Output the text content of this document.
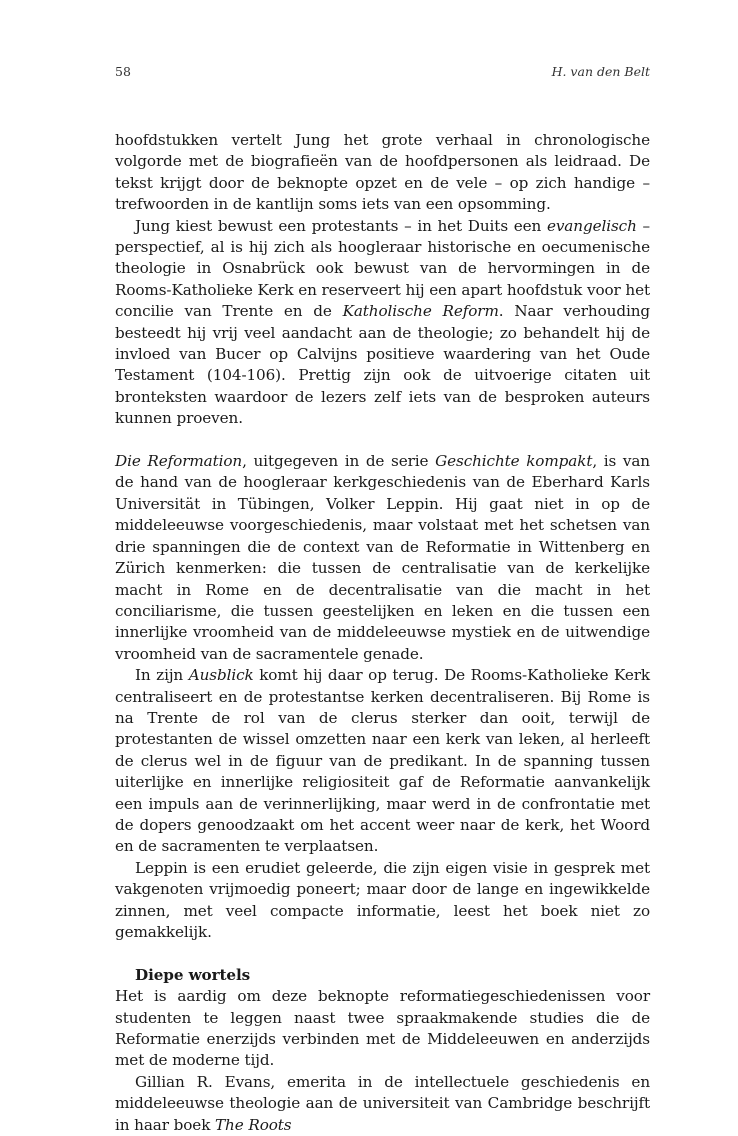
58	H. van den Belt

hoofdstukken vertelt Jung het grote verhaal in chronologische volgorde met de biografieën van de hoofdpersonen als leidraad. De tekst krijgt door de beknopte opzet en de vele – op zich handige – trefwoorden in de kantlijn soms iets van een opsomming.

Jung kiest bewust een protestants – in het Duits een evangelisch – perspectief, al is hij zich als hoogleraar historische en oecumenische theologie in Osnabrück ook bewust van de hervormingen in de Rooms-Katholieke Kerk en reserveert hij een apart hoofdstuk voor het concilie van Trente en de Katholische Reform. Naar verhouding besteedt hij vrij veel aandacht aan de theologie; zo behandelt hij de invloed van Bucer op Calvijns positieve waardering van het Oude Testament (104-106). Prettig zijn ook de uitvoerige citaten uit bronteksten waardoor de lezers zelf iets van de besproken auteurs kunnen proeven.

Die Reformation, uitgegeven in de serie Geschichte kompakt, is van de hand van de hoogleraar kerkgeschiedenis van de Eberhard Karls Universität in Tübingen, Volker Leppin. Hij gaat niet in op de middeleeuwse voorgeschiedenis, maar volstaat met het schetsen van drie spanningen die de context van de Reformatie in Wittenberg en Zürich kenmerken: die tussen de centralisatie van de kerkelijke macht in Rome en de decentralisatie van die macht in het conciliarisme, die tussen geestelijken en leken en die tussen een innerlijke vroomheid van de middeleeuwse mystiek en de uitwendige vroomheid van de sacramentele genade.

In zijn Ausblick komt hij daar op terug. De Rooms-Katholieke Kerk centraliseert en de protestantse kerken decentraliseren. Bij Rome is na Trente de rol van de clerus sterker dan ooit, terwijl de protestanten de wissel omzetten naar een kerk van leken, al herleeft de clerus wel in de figuur van de predikant. In de spanning tussen uiterlijke en innerlijke religiositeit gaf de Reformatie aanvankelijk een impuls aan de verinnerlijking, maar werd in de confrontatie met de dopers genoodzaakt om het accent weer naar de kerk, het Woord en de sacramenten te verplaatsen.

Leppin is een erudiet geleerde, die zijn eigen visie in gesprek met vakgenoten vrijmoedig poneert; maar door de lange en ingewikkelde zinnen, met veel compacte informatie, leest het boek niet zo gemakkelijk.

Diepe wortels

Het is aardig om deze beknopte reformatiegeschiedenissen voor studenten te leggen naast twee spraakmakende studies die de Reformatie enerzijds verbinden met de Middeleeuwen en anderzijds met de moderne tijd.

Gillian R. Evans, emerita in de intellectuele geschiedenis en middeleeuwse theologie aan de universiteit van Cambridge beschrijft in haar boek The Roots
